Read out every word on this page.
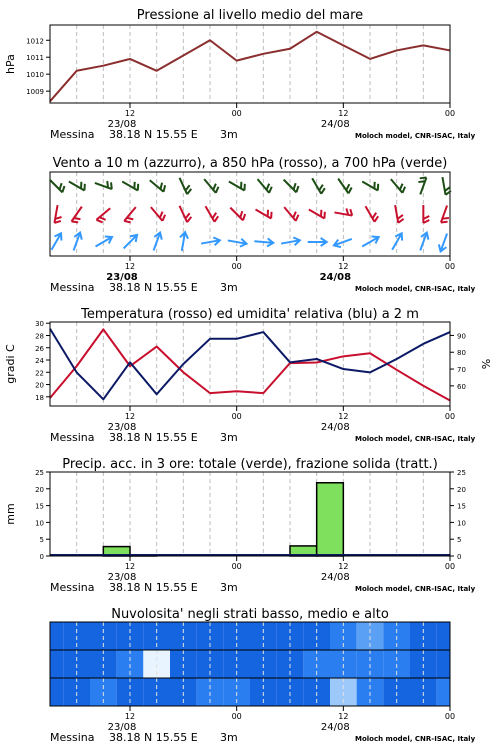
Pressione al livello medio del mare
1009
1010
1011
1012
12	00	12	00
23/08	24/08
Messina 38.18 N 15.55 E 3m	Moloch model, CNR-ISAC, Italy
hPa
Vento a 10 m (azzurro), a 850 hPa (rosso), a 700 hPa (verde)
12	00	12	00
23/08	24/08
Messina 38.18 N 15.55 E 3m	Moloch model, CNR-ISAC, Italy
Temperatura (rosso) ed umidita' relativa (blu) a 2 m
18
20
22
24
26
28
30
60
70
80
90
12	00	12	00
23/08	24/08
Messina 38.18 N 15.55 E 3m	Moloch model, CNR-ISAC, Italy
gradi C	%
Precip. acc. in 3 ore: totale (verde), frazione solida (tratt.)
0
5
10
15
20
25
0
5
10
15
20
25
12	00	12	00
23/08	24/08
Messina 38.18 N 15.55 E 3m	Moloch model, CNR-ISAC, Italy
mm
Nuvolosita' negli strati basso, medio e alto
12	00	12	00
23/08	24/08
Messina 38.18 N 15.55 E 3m	Moloch model, CNR-ISAC, Italy
